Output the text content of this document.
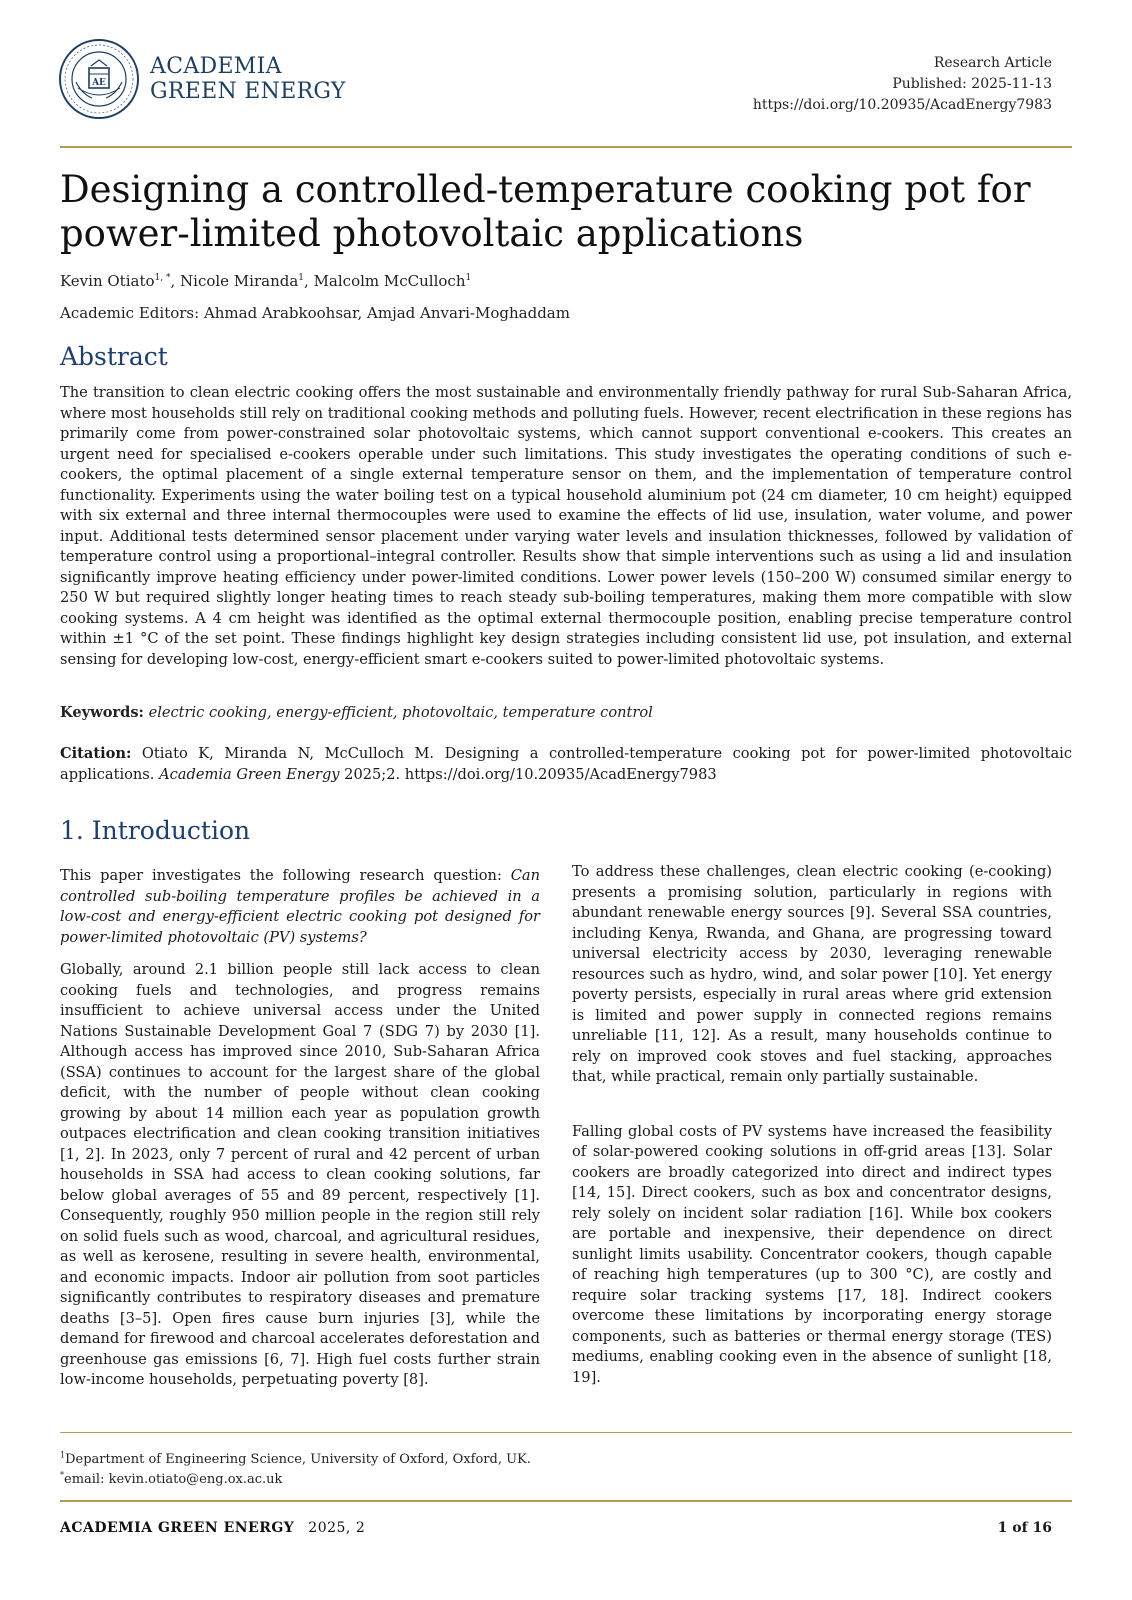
AE
ACADEMIA
GREEN ENERGY
Research Article
Published: 2025-11-13
https://doi.org/10.20935/AcadEnergy7983
Designing a controlled-temperature cooking pot for power-limited photovoltaic applications
Kevin Otiato$^{1, *}$, Nicole Miranda$^1$, Malcolm McCulloch$^1$
Academic Editors: Ahmad Arabkoohsar, Amjad Anvari-Moghaddam
Abstract

The transition to clean electric cooking offers the most sustainable and environmentally friendly pathway for rural Sub-Saharan Africa, where most households still rely on traditional cooking methods and polluting fuels. However, recent electrification in these regions has primarily come from power-constrained solar photovoltaic systems, which cannot support conventional e-cookers. This creates an urgent need for specialised e-cookers operable under such limitations. This study investigates the operating conditions of such e-cookers, the optimal placement of a single external temperature sensor on them, and the implementation of temperature control functionality. Experiments using the water boiling test on a typical household aluminium pot (24 cm diameter, 10 cm height) equipped with six external and three internal thermocouples were used to examine the effects of lid use, insulation, water volume, and power input. Additional tests determined sensor placement under varying water levels and insulation thicknesses, followed by validation of temperature control using a proportional–integral controller. Results show that simple interventions such as using a lid and insulation significantly improve heating efficiency under power-limited conditions. Lower power levels (150–200 W) consumed similar energy to 250 W but required slightly longer heating times to reach steady sub-boiling temperatures, making them more compatible with slow cooking systems. A 4 cm height was identified as the optimal external thermocouple position, enabling precise temperature control within ±1 °C of the set point. These findings highlight key design strategies including consistent lid use, pot insulation, and external sensing for developing low-cost, energy-efficient smart e-cookers suited to power-limited photovoltaic systems.

Keywords: electric cooking, energy-efficient, photovoltaic, temperature control

Citation: Otiato K, Miranda N, McCulloch M. Designing a controlled-temperature cooking pot for power-limited photovoltaic applications. Academia Green Energy 2025;2. https://doi.org/10.20935/AcadEnergy7983

1. Introduction

This paper investigates the following research question: Can controlled sub-boiling temperature profiles be achieved in a low-cost and energy-efficient electric cooking pot designed for power-limited photovoltaic (PV) systems?

Globally, around 2.1 billion people still lack access to clean cooking fuels and technologies, and progress remains insufficient to achieve universal access under the United Nations Sustainable Development Goal 7 (SDG 7) by 2030 [1]. Although access has improved since 2010, Sub-Saharan Africa (SSA) continues to account for the largest share of the global deficit, with the number of people without clean cooking growing by about 14 million each year as population growth outpaces electrification and clean cooking transition initiatives [1, 2]. In 2023, only 7 percent of rural and 42 percent of urban households in SSA had access to clean cooking solutions, far below global averages of 55 and 89 percent, respectively [1]. Consequently, roughly 950 million people in the region still rely on solid fuels such as wood, charcoal, and agricultural residues, as well as kerosene, resulting in severe health, environmental, and economic impacts. Indoor air pollution from soot particles significantly contributes to respiratory diseases and premature deaths [3–5]. Open fires cause burn injuries [3], while the demand for firewood and charcoal accelerates deforestation and greenhouse gas emissions [6, 7]. High fuel costs further strain low-income households, perpetuating poverty [8].

To address these challenges, clean electric cooking (e-cooking) presents a promising solution, particularly in regions with abundant renewable energy sources [9]. Several SSA countries, including Kenya, Rwanda, and Ghana, are progressing toward universal electricity access by 2030, leveraging renewable resources such as hydro, wind, and solar power [10]. Yet energy poverty persists, especially in rural areas where grid extension is limited and power supply in connected regions remains unreliable [11, 12]. As a result, many households continue to rely on improved cook stoves and fuel stacking, approaches that, while practical, remain only partially sustainable.

Falling global costs of PV systems have increased the feasibility of solar-powered cooking solutions in off-grid areas [13]. Solar cookers are broadly categorized into direct and indirect types [14, 15]. Direct cookers, such as box and concentrator designs, rely solely on incident solar radiation [16]. While box cookers are portable and inexpensive, their dependence on direct sunlight limits usability. Concentrator cookers, though capable of reaching high temperatures (up to 300 °C), are costly and require solar tracking systems [17, 18]. Indirect cookers overcome these limitations by incorporating energy storage components, such as batteries or thermal energy storage (TES) mediums, enabling cooking even in the absence of sunlight [18, 19].

$^1$Department of Engineering Science, University of Oxford, Oxford, UK.
*email: kevin.otiato@eng.ox.ac.uk
ACADEMIA GREEN ENERGY 2025, 2	1 of 16
